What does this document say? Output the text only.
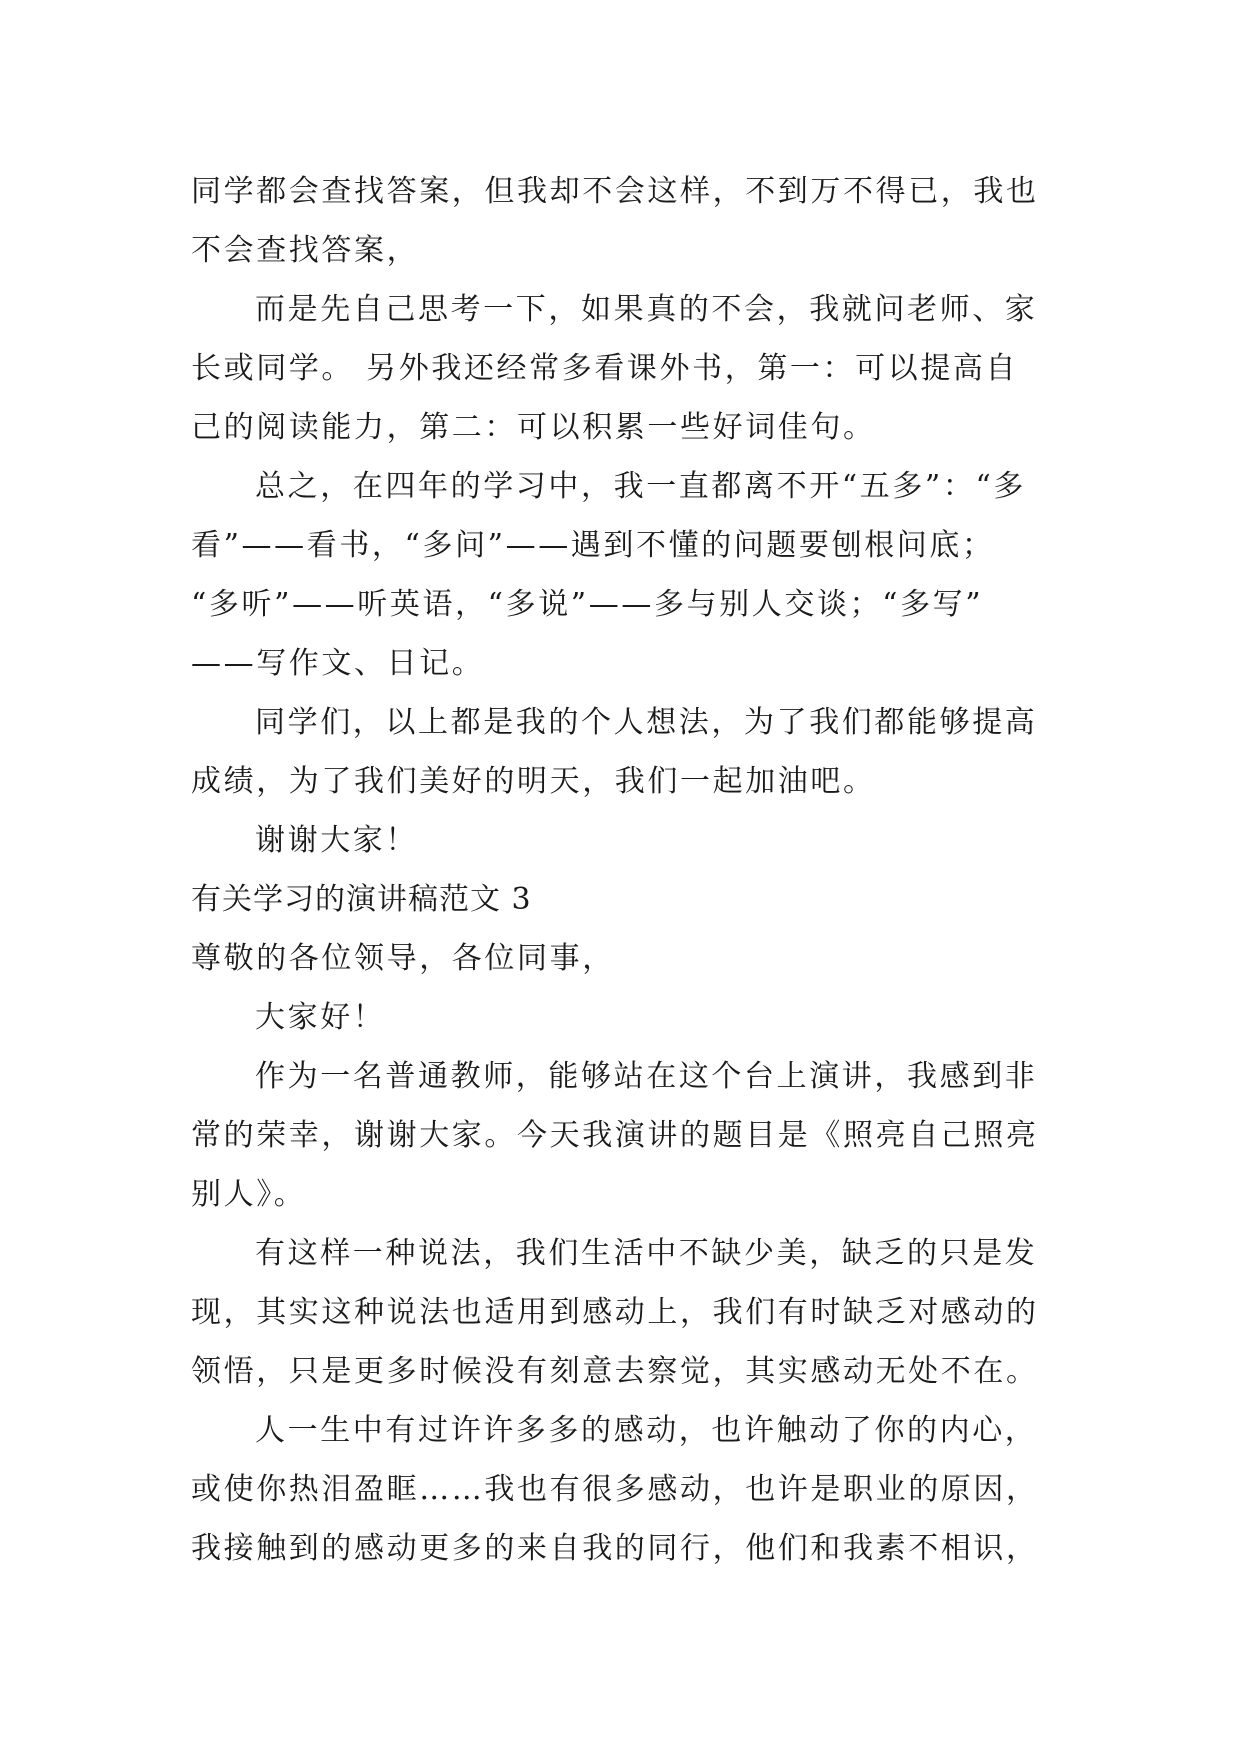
同学都会查找答案，但我却不会这样，不到万不得已，我也
不会查找答案，
而是先自己思考一下，如果真的不会，我就问老师、家
长或同学。 另外我还经常多看课外书，第一：可以提高自
己的阅读能力，第二：可以积累一些好词佳句。
总之，在四年的学习中，我一直都离不开“五多”：“多
看”——看书，“多问”——遇到不懂的问题要刨根问底；
“多听”——听英语，“多说”——多与别人交谈；“多写”
——写作文、日记。
同学们，以上都是我的个人想法，为了我们都能够提高
成绩，为了我们美好的明天，我们一起加油吧。
谢谢大家！
有关学习的演讲稿范文 3
尊敬的各位领导，各位同事，
大家好！
作为一名普通教师，能够站在这个台上演讲，我感到非
常的荣幸，谢谢大家。今天我演讲的题目是《照亮自己照亮
别人》。
有这样一种说法，我们生活中不缺少美，缺乏的只是发
现，其实这种说法也适用到感动上，我们有时缺乏对感动的
领悟，只是更多时候没有刻意去察觉，其实感动无处不在。
人一生中有过许许多多的感动，也许触动了你的内心，
或使你热泪盈眶……我也有很多感动，也许是职业的原因，
我接触到的感动更多的来自我的同行，他们和我素不相识，
